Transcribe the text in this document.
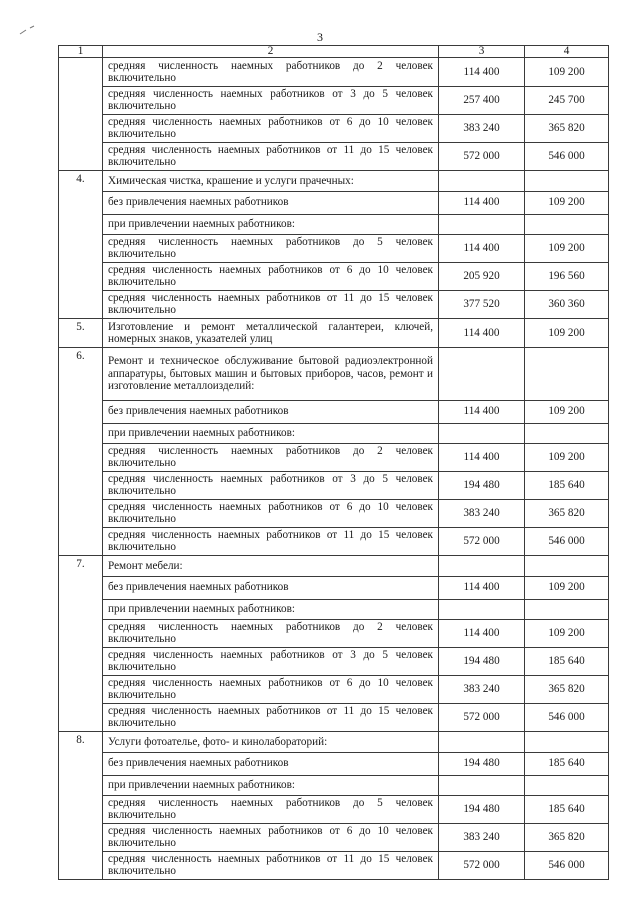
3
1	2	3	4
	средняя численность наемных работников до 2 человек включительно	114 400	109 200
	средняя численность наемных работников от 3 до 5 человек включительно	257 400	245 700
	средняя численность наемных работников от 6 до 10 человек включительно	383 240	365 820
	средняя численность наемных работников от 11 до 15 человек включительно	572 000	546 000
4.	Химическая чистка, крашение и услуги прачечных:		
	без привлечения наемных работников	114 400	109 200
	при привлечении наемных работников:		
	средняя численность наемных работников до 5 человек включительно	114 400	109 200
	средняя численность наемных работников от 6 до 10 человек включительно	205 920	196 560
	средняя численность наемных работников от 11 до 15 человек включительно	377 520	360 360
5.	Изготовление и ремонт металлической галантереи, ключей, номерных знаков, указателей улиц	114 400	109 200
6.	Ремонт и техническое обслуживание бытовой радиоэлектронной аппаратуры, бытовых машин и бытовых приборов, часов, ремонт и изготовление металлоизделий:		
	без привлечения наемных работников	114 400	109 200
	при привлечении наемных работников:		
	средняя численность наемных работников до 2 человек включительно	114 400	109 200
	средняя численность наемных работников от 3 до 5 человек включительно	194 480	185 640
	средняя численность наемных работников от 6 до 10 человек включительно	383 240	365 820
	средняя численность наемных работников от 11 до 15 человек включительно	572 000	546 000
7.	Ремонт мебели:		
	без привлечения наемных работников	114 400	109 200
	при привлечении наемных работников:		
	средняя численность наемных работников до 2 человек включительно	114 400	109 200
	средняя численность наемных работников от 3 до 5 человек включительно	194 480	185 640
	средняя численность наемных работников от 6 до 10 человек включительно	383 240	365 820
	средняя численность наемных работников от 11 до 15 человек включительно	572 000	546 000
8.	Услуги фотоателье, фото- и кинолабораторий:		
	без привлечения наемных работников	194 480	185 640
	при привлечении наемных работников:		
	средняя численность наемных работников до 5 человек включительно	194 480	185 640
	средняя численность наемных работников от 6 до 10 человек включительно	383 240	365 820
	средняя численность наемных работников от 11 до 15 человек включительно	572 000	546 000
